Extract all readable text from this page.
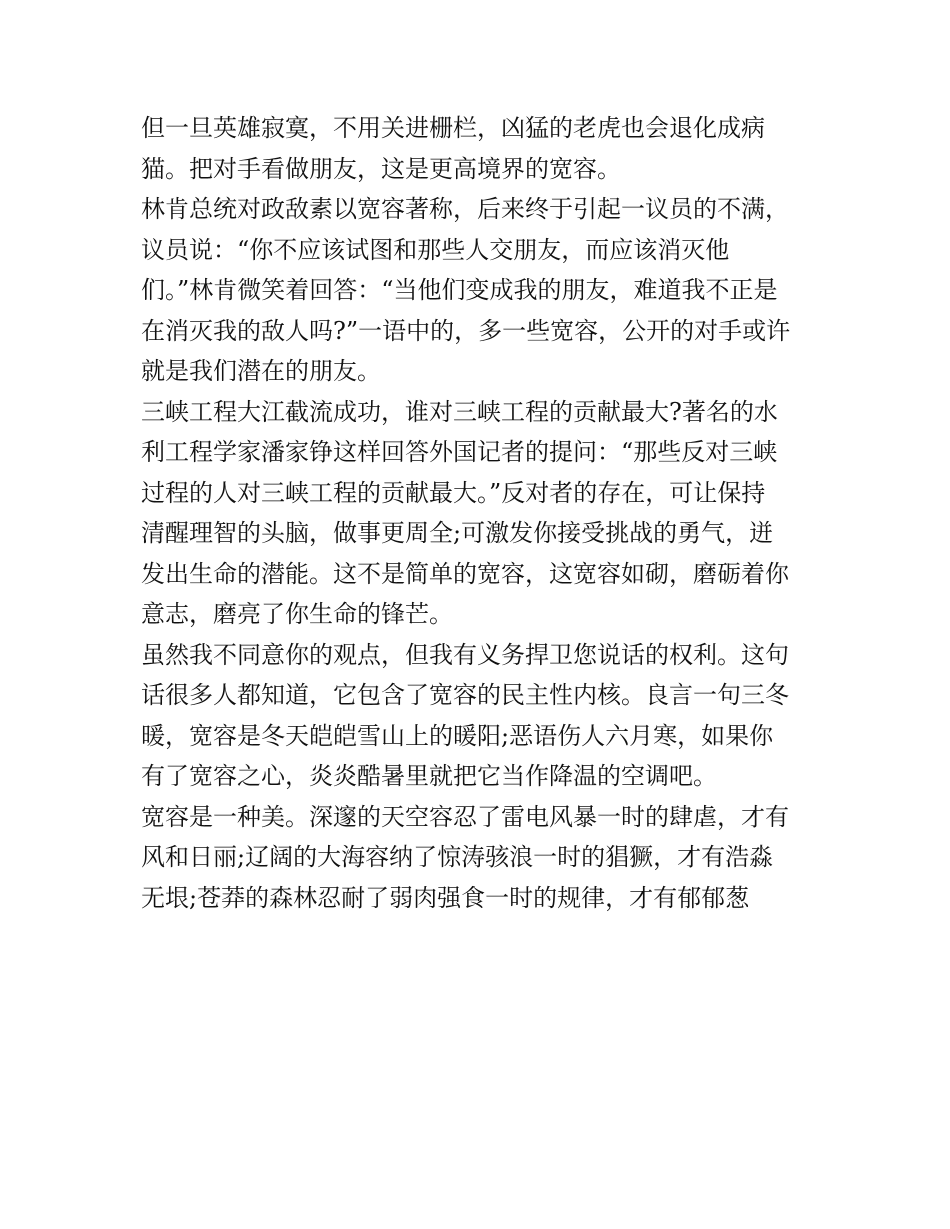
但一旦英雄寂寞，不用关进栅栏，凶猛的老虎也会退化成病
猫。把对手看做朋友，这是更高境界的宽容。
林肯总统对政敌素以宽容著称，后来终于引起一议员的不满，
议员说：“你不应该试图和那些人交朋友，而应该消灭他
们。”林肯微笑着回答：“当他们变成我的朋友，难道我不正是
在消灭我的敌人吗?”一语中的，多一些宽容，公开的对手或许
就是我们潜在的朋友。
三峡工程大江截流成功，谁对三峡工程的贡献最大?著名的水
利工程学家潘家铮这样回答外国记者的提问：“那些反对三峡
过程的人对三峡工程的贡献最大。”反对者的存在，可让保持
清醒理智的头脑，做事更周全;可激发你接受挑战的勇气，迸
发出生命的潜能。这不是简单的宽容，这宽容如砌，磨砺着你
意志，磨亮了你生命的锋芒。
虽然我不同意你的观点，但我有义务捍卫您说话的权利。这句
话很多人都知道，它包含了宽容的民主性内核。良言一句三冬
暖，宽容是冬天皑皑雪山上的暖阳;恶语伤人六月寒，如果你
有了宽容之心，炎炎酷暑里就把它当作降温的空调吧。
宽容是一种美。深邃的天空容忍了雷电风暴一时的肆虐，才有
风和日丽;辽阔的大海容纳了惊涛骇浪一时的猖獗，才有浩淼
无垠;苍莽的森林忍耐了弱肉强食一时的规律，才有郁郁葱
